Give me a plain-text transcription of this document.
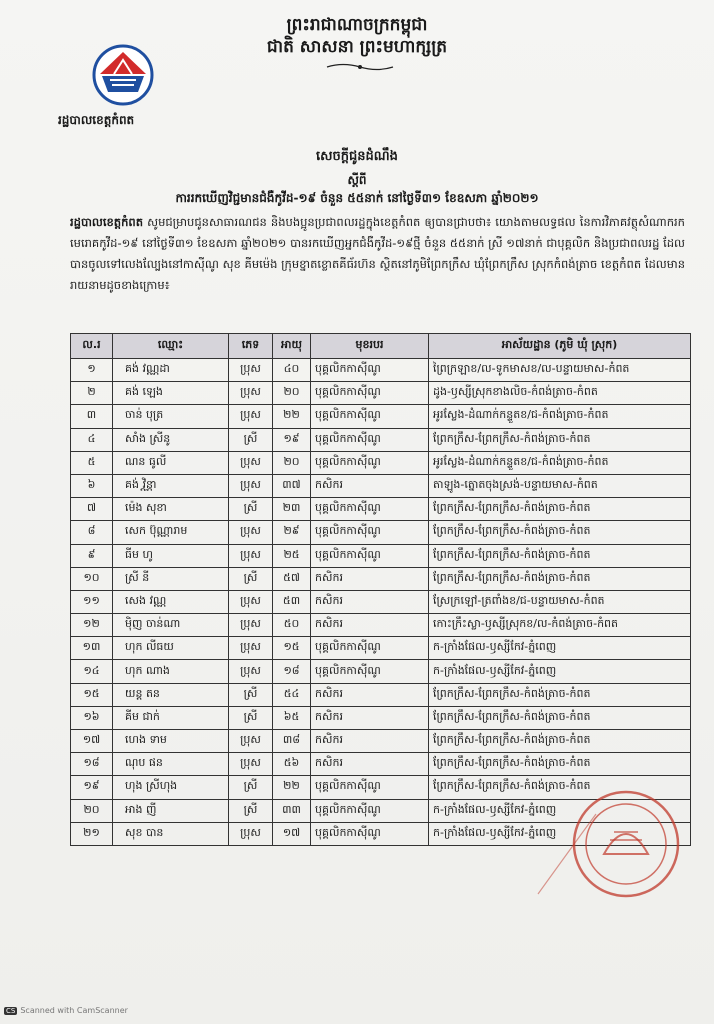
ព្រះរាជាណាចក្រកម្ពុជា
ជាតិ សាសនា ព្រះមហាក្សត្រ
រដ្ឋបាលខេត្តកំពត
សេចក្តីជូនដំណឹង
ស្តីពី
ការរកឃើញវិជ្ជមានជំងឺកូវីដ-១៩ ចំនួន ៥៥នាក់ នៅថ្ងៃទី៣១ ខែឧសភា ឆ្នាំ២០២១
រដ្ឋបាលខេត្តកំពត សូមជម្រាបជូនសាធារណជន និងបងប្អូនប្រជាពលរដ្ឋក្នុងខេត្តកំពត ឲ្យបានជ្រាបថា៖ យោងតាមលទ្ធផល នៃការវិភាគវត្ថុសំណាករកមេរោគកូវីដ-១៩ នៅថ្ងៃទី៣១ ខែឧសភា ឆ្នាំ២០២១ បានរកឃើញអ្នកជំងឺកូវីដ-១៩ថ្មី ចំនួន ៥៥នាក់ ស្រី ១៧នាក់ ជាបុគ្គលិក និងប្រជាពលរដ្ឋ ដែលបានចូលទៅលេងល្បែងនៅកាស៊ីណូ សុខ គីមម៉េង ក្រុមខ្នាតខ្លោតគីធ័រហ៊ន ស្ថិតនៅភូមិព្រែកក្រឹស ឃុំព្រែកក្រឹស ស្រុកកំពង់ត្រាច ខេត្តកំពត ដែលមានរាយនាមដូចខាងក្រោម៖
ល.រ	ឈ្មោះ	ភេទ	អាយុ	មុខរបរ	អាស័យដ្ឋាន (ភូមិ ឃុំ ស្រុក)
១	គង់ វណ្ណដា	ប្រុស	៤០	បុគ្គលិកកាស៊ីណូ	ព្រៃក្រឡាខ/ល-ទូកមាសខ/ល-បន្ទាយមាស-កំពត
២	គង់ ឡេង	ប្រុស	២០	បុគ្គលិកកាស៊ីណូ	ដូង-ឫស្សីស្រុកខាងលិច-កំពង់ត្រាច-កំពត
៣	ចាន់ បុត្រ	ប្រុស	២២	បុគ្គលិកកាស៊ីណូ	អូរស្លែង-ដំណាក់កន្ទួតខ/ជ-កំពង់ត្រាច-កំពត
៤	សាំង ស្រីនូ	ស្រី	១៩	បុគ្គលិកកាស៊ីណូ	ព្រែកក្រឹស-ព្រែកក្រឹស-កំពង់ត្រាច-កំពត
៥	ណន ធូលី	ប្រុស	២០	បុគ្គលិកកាស៊ីណូ	អូរស្លែង-ដំណាក់កន្ទួតខ/ជ-កំពង់ត្រាច-កំពត
៦	គង់ វិន្ណា	ប្រុស	៣៧	កសិករ	តាឡូង-ត្នោតចុងស្រង់-បន្ទាយមាស-កំពត
៧	ម៉េង សុខា	ស្រី	២៣	បុគ្គលិកកាស៊ីណូ	ព្រែកក្រឹស-ព្រែកក្រឹស-កំពង់ត្រាច-កំពត
៨	សេក ប៊ុណ្ណារាម	ប្រុស	២៩	បុគ្គលិកកាស៊ីណូ	ព្រែកក្រឹស-ព្រែកក្រឹស-កំពង់ត្រាច-កំពត
៩	ធីម ហូ	ប្រុស	២៥	បុគ្គលិកកាស៊ីណូ	ព្រែកក្រឹស-ព្រែកក្រឹស-កំពង់ត្រាច-កំពត
១០	ស្រី នី	ស្រី	៥៧	កសិករ	ព្រែកក្រឹស-ព្រែកក្រឹស-កំពង់ត្រាច-កំពត
១១	សេង វណ្ណ	ប្រុស	៥៣	កសិករ	ស្រែក្រឡៅ-ត្រពាំងខ/ជ-បន្ទាយមាស-កំពត
១២	ម៉ិញ ចាន់ណា	ប្រុស	៥០	កសិករ	កោះក្រឹះស្លា-ឫស្សីស្រុកខ/ល-កំពង់ត្រាច-កំពត
១៣	ហុក លីធយ	ប្រុស	១៥	បុគ្គលិកកាស៊ីណូ	ក-ក្រាំងផែល-ឫស្សីកែវ-ភ្នំពេញ
១៤	ហុក ណាង	ប្រុស	១៨	បុគ្គលិកកាស៊ីណូ	ក-ក្រាំងផែល-ឫស្សីកែវ-ភ្នំពេញ
១៥	យន្ត តន	ស្រី	៥៤	កសិករ	ព្រែកក្រឹស-ព្រែកក្រឹស-កំពង់ត្រាច-កំពត
១៦	គីម ជាក់	ស្រី	៦៥	កសិករ	ព្រែកក្រឹស-ព្រែកក្រឹស-កំពង់ត្រាច-កំពត
១៧	ហេង ទាម	ប្រុស	៣៨	កសិករ	ព្រែកក្រឹស-ព្រែកក្រឹស-កំពង់ត្រាច-កំពត
១៨	ណុប ផន	ប្រុស	៥៦	កសិករ	ព្រែកក្រឹស-ព្រែកក្រឹស-កំពង់ត្រាច-កំពត
១៩	ហុង ស្រីហុង	ស្រី	២២	បុគ្គលិកកាស៊ីណូ	ព្រែកក្រឹស-ព្រែកក្រឹស-កំពង់ត្រាច-កំពត
២០	អាង ញី	ស្រី	៣៣	បុគ្គលិកកាស៊ីណូ	ក-ក្រាំងផែល-ឫស្សីកែវ-ភ្នំពេញ
២១	សុខ បាន	ប្រុស	១៧	បុគ្គលិកកាស៊ីណូ	ក-ក្រាំងផែល-ឫស្សីកែវ-ភ្នំពេញ
CS Scanned with CamScanner
